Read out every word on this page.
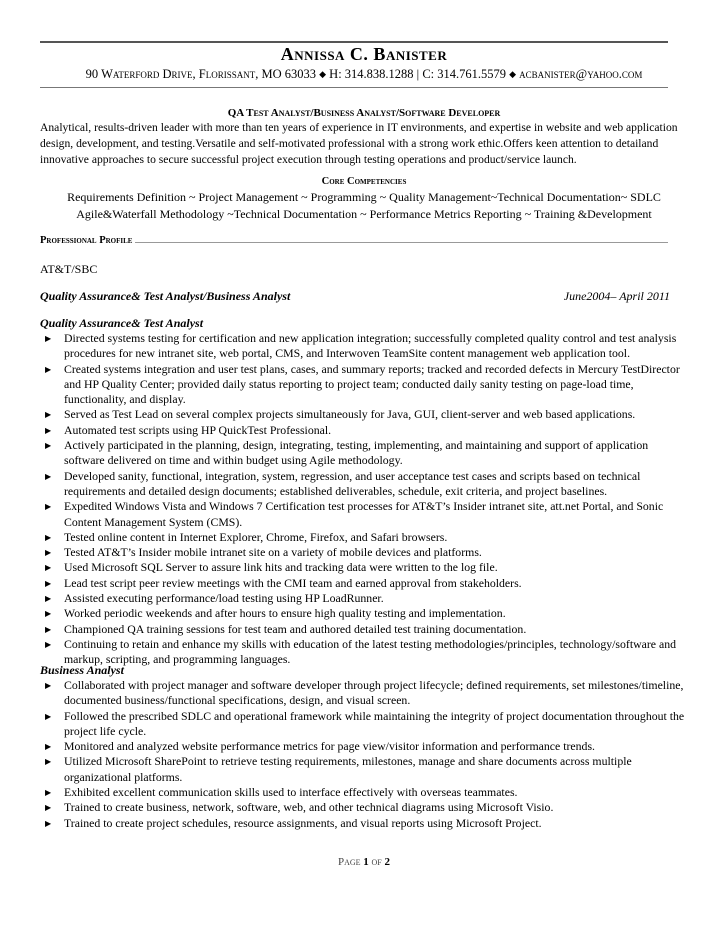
Annissa C. Banister
90 Waterford Drive, Florissant, MO 63033 ◆ H: 314.838.1288 | C: 314.761.5579 ◆ acbanister@yahoo.com
QA Test Analyst/Business Analyst/Software Developer
Analytical, results-driven leader with more than ten years of experience in IT environments, and expertise in website and web application design, development, and testing.Versatile and self-motivated professional with a strong work ethic.Offers keen attention to detailand innovative approaches to secure successful project execution through testing operations and product/service launch.
Core Competencies
Requirements Definition ~ Project Management ~ Programming ~ Quality Management~Technical Documentation~ SDLC
Agile&Waterfall Methodology ~Technical Documentation ~ Performance Metrics Reporting ~ Training &Development
Professional Profile
AT&T/SBC
Quality Assurance& Test Analyst/Business Analyst	June2004– April 2011
Quality Assurance& Test Analyst
▶ Directed systems testing for certification and new application integration; successfully completed quality control and test analysis procedures for new intranet site, web portal, CMS, and Interwoven TeamSite content management web application tool.
▶ Created systems integration and user test plans, cases, and summary reports; tracked and recorded defects in Mercury TestDirector and HP Quality Center; provided daily status reporting to project team; conducted daily sanity testing on page-load time, functionality, and display.
▶ Served as Test Lead on several complex projects simultaneously for Java, GUI, client-server and web based applications.
▶ Automated test scripts using HP QuickTest Professional.
▶ Actively participated in the planning, design, integrating, testing, implementing, and maintaining and support of application software delivered on time and within budget using Agile methodology.
▶ Developed sanity, functional, integration, system, regression, and user acceptance test cases and scripts based on technical requirements and detailed design documents; established deliverables, schedule, exit criteria, and project baselines.
▶ Expedited Windows Vista and Windows 7 Certification test processes for AT&T’s Insider intranet site, att.net Portal, and Sonic Content Management System (CMS).
▶ Tested online content in Internet Explorer, Chrome, Firefox, and Safari browsers.
▶ Tested AT&T’s Insider mobile intranet site on a variety of mobile devices and platforms.
▶ Used Microsoft SQL Server to assure link hits and tracking data were written to the log file.
▶ Lead test script peer review meetings with the CMI team and earned approval from stakeholders.
▶ Assisted executing performance/load testing using HP LoadRunner.
▶ Worked periodic weekends and after hours to ensure high quality testing and implementation.
▶ Championed QA training sessions for test team and authored detailed test training documentation.
▶ Continuing to retain and enhance my skills with education of the latest testing methodologies/principles, technology/software and markup, scripting, and programming languages.
Business Analyst
▶ Collaborated with project manager and software developer through project lifecycle; defined requirements, set milestones/timeline, documented business/functional specifications, design, and visual screen.
▶ Followed the prescribed SDLC and operational framework while maintaining the integrity of project documentation throughout the project life cycle.
▶ Monitored and analyzed website performance metrics for page view/visitor information and performance trends.
▶ Utilized Microsoft SharePoint to retrieve testing requirements, milestones, manage and share documents across multiple organizational platforms.
▶ Exhibited excellent communication skills used to interface effectively with overseas teammates.
▶ Trained to create business, network, software, web, and other technical diagrams using Microsoft Visio.
▶ Trained to create project schedules, resource assignments, and visual reports using Microsoft Project.
Page 1 of 2
